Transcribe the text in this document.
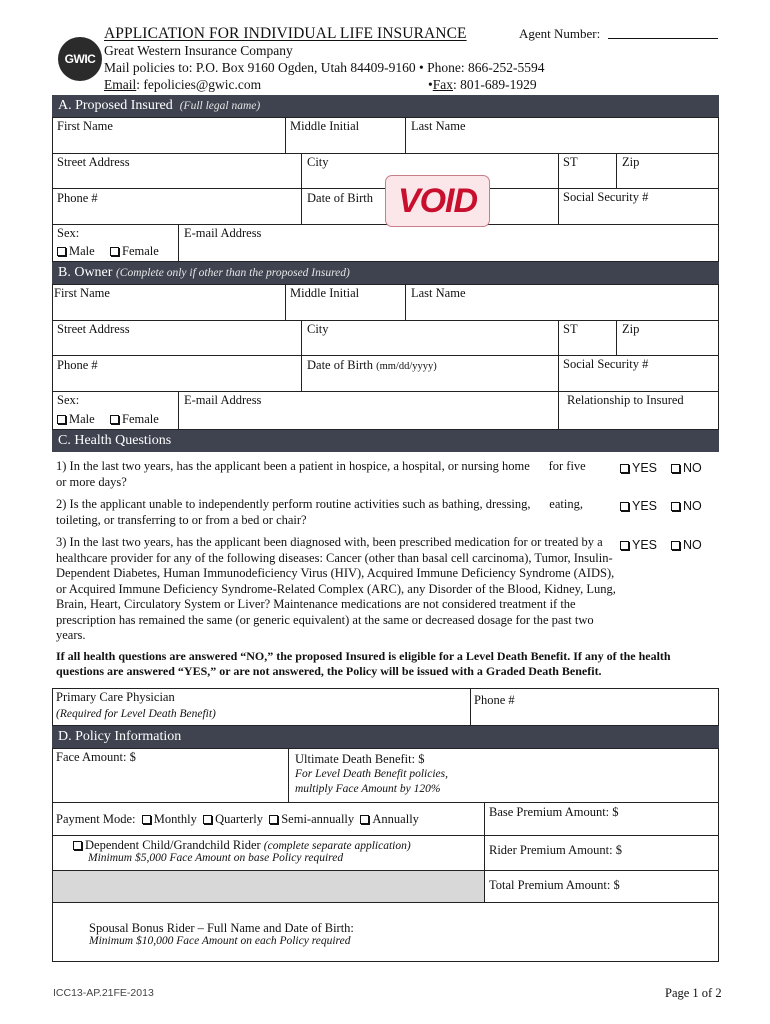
GWIC
APPLICATION FOR INDIVIDUAL LIFE INSURANCE	Agent Number:
Great Western Insurance Company
Mail policies to: P.O. Box 9160 Ogden, Utah 84409-9160 • Phone: 866-252-5594
Email: fepolicies@gwic.com	•Fax: 801-689-1929
A. Proposed Insured (Full legal name)
First Name	Middle Initial	Last Name
Street Address	City	ST	Zip
Phone #	Date of Birth	Social Security #
Sex:
Male	Female
E-mail Address
VOID
B. Owner (Complete only if other than the proposed Insured)
First Name	Middle Initial	Last Name
Street Address	City	ST	Zip
Phone #	Date of Birth (mm/dd/yyyy)	Social Security #
Sex:
Male	Female
E-mail Address	Relationship to Insured
C. Health Questions
1) In the last two years, has the applicant been a patient in hospice, a hospital, or nursing home      for five or more days?
2) Is the applicant unable to independently perform routine activities such as bathing, dressing,      eating, toileting, or transferring to or from a bed or chair?
3) In the last two years, has the applicant been diagnosed with, been prescribed medication for or treated by a healthcare provider for any of the following diseases: Cancer (other than basal cell carcinoma), Tumor, Insulin-Dependent Diabetes, Human Immunodeficiency Virus (HIV), Acquired Immune Deficiency Syndrome (AIDS), or Acquired Immune Deficiency Syndrome-Related Complex (ARC), any Disorder of the Blood, Kidney, Lung, Brain, Heart, Circulatory System or Liver? Maintenance medications are not considered treatment if the prescription has remained the same (or generic equivalent) at the same or decreased dosage for the past two years.
YES	NO
YES	NO
YES	NO
If all health questions are answered “NO,” the proposed Insured is eligible for a Level Death Benefit. If any of the health questions are answered “YES,” or are not answered, the Policy will be issued with a Graded Death Benefit.
Primary Care Physician
(Required for Level Death Benefit)
Phone #
D. Policy Information
Face Amount: $	Ultimate Death Benefit: $
For Level Death Benefit policies,
multiply Face Amount by 120%
Payment Mode: Monthly Quarterly Semi-annually Annually	Base Premium Amount: $
Dependent Child/Grandchild Rider (complete separate application)
Minimum $5,000 Face Amount on base Policy required
Rider Premium Amount: $
Total Premium Amount: $
Spousal Bonus Rider – Full Name and Date of Birth:
Minimum $10,000 Face Amount on each Policy required
ICC13-AP.21FE-2013	Page 1 of 2
